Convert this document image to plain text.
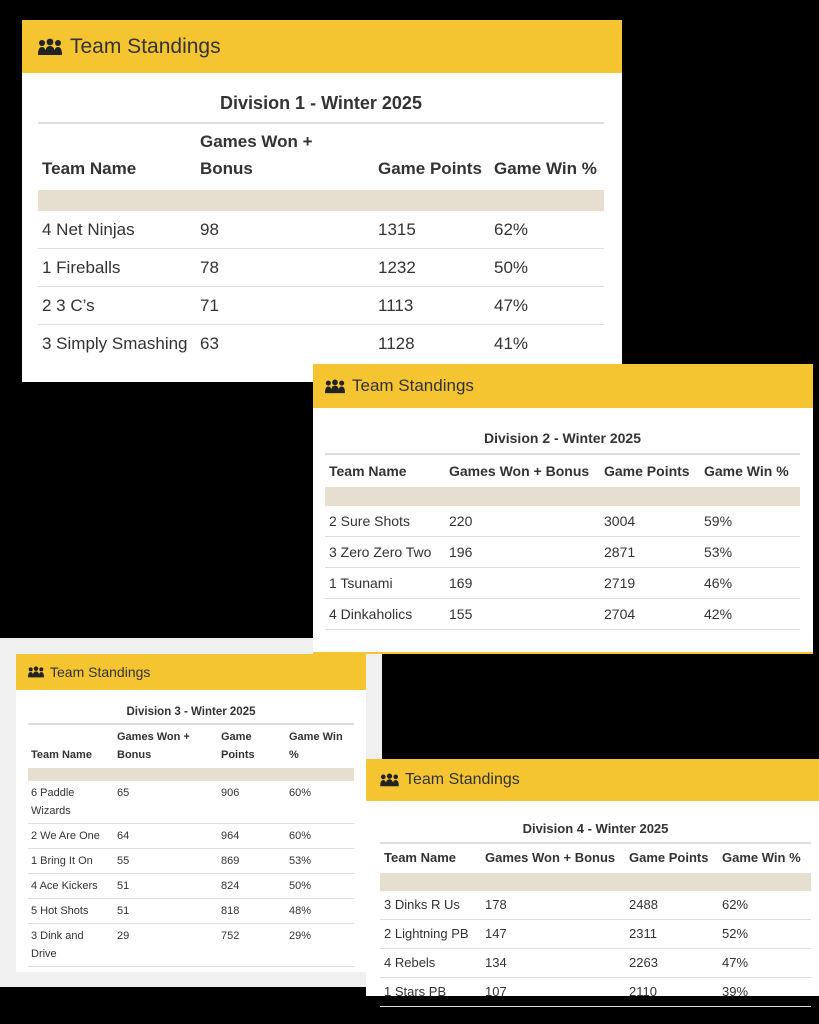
Team Standings
Division 1 - Winter 2025
Team Name	Games Won + Bonus	Game Points	Game Win %

4 Net Ninjas	98	1315	62%
1 Fireballs	78	1232	50%
2 3 C’s	71	1113	47%
3 Simply Smashing	63	1128	41%
Team Standings
Division 3 - Winter 2025
Team Name	Games Won + Bonus	Game Points	Game Win %

6 Paddle Wizards	65	906	60%
2 We Are One	64	964	60%
1 Bring It On	55	869	53%
4 Ace Kickers	51	824	50%
5 Hot Shots	51	818	48%
3 Dink and Drive	29	752	29%
Team Standings
Division 2 - Winter 2025
Team Name	Games Won + Bonus	Game Points	Game Win %

2 Sure Shots	220	3004	59%
3 Zero Zero Two	196	2871	53%
1 Tsunami	169	2719	46%
4 Dinkaholics	155	2704	42%
Team Standings
Division 4 - Winter 2025
Team Name	Games Won + Bonus	Game Points	Game Win %

3 Dinks R Us	178	2488	62%
2 Lightning PB	147	2311	52%
4 Rebels	134	2263	47%
1 Stars PB	107	2110	39%
